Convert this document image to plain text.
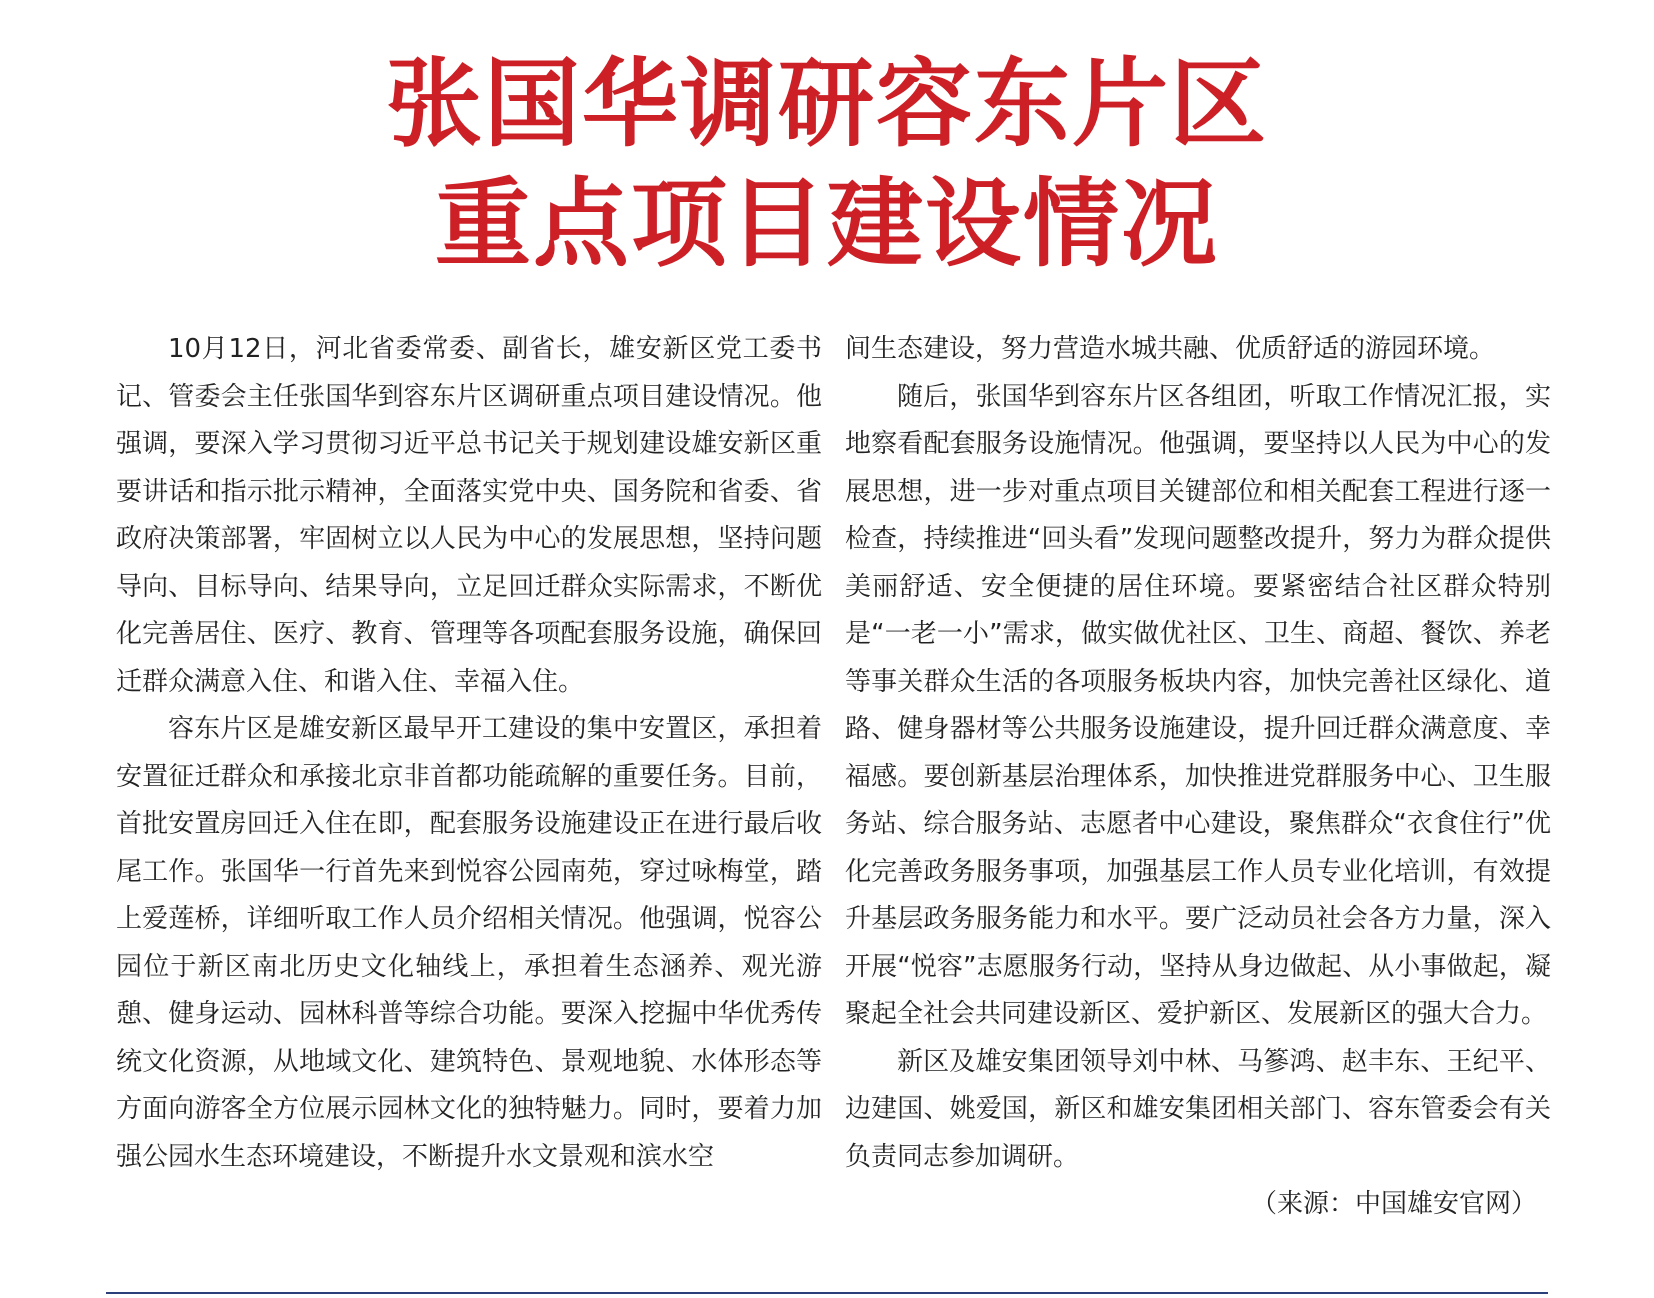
张国华调研容东片区
重点项目建设情况

10月12日，河北省委常委、副省长，雄安新区党工委书记、管委会主任张国华到容东片区调研重点项目建设情况。他强调，要深入学习贯彻习近平总书记关于规划建设雄安新区重要讲话和指示批示精神，全面落实党中央、国务院和省委、省政府决策部署，牢固树立以人民为中心的发展思想，坚持问题导向、目标导向、结果导向，立足回迁群众实际需求，不断优化完善居住、医疗、教育、管理等各项配套服务设施，确保回迁群众满意入住、和谐入住、幸福入住。

容东片区是雄安新区最早开工建设的集中安置区，承担着安置征迁群众和承接北京非首都功能疏解的重要任务。目前，首批安置房回迁入住在即，配套服务设施建设正在进行最后收尾工作。张国华一行首先来到悦容公园南苑，穿过咏梅堂，踏上爱莲桥，详细听取工作人员介绍相关情况。他强调，悦容公园位于新区南北历史文化轴线上，承担着生态涵养、观光游憩、健身运动、园林科普等综合功能。要深入挖掘中华优秀传统文化资源，从地域文化、建筑特色、景观地貌、水体形态等方面向游客全方位展示园林文化的独特魅力。同时，要着力加强公园水生态环境建设，不断提升水文景观和滨水空

间生态建设，努力营造水城共融、优质舒适的游园环境。

随后，张国华到容东片区各组团，听取工作情况汇报，实地察看配套服务设施情况。他强调，要坚持以人民为中心的发展思想，进一步对重点项目关键部位和相关配套工程进行逐一检查，持续推进“回头看”发现问题整改提升，努力为群众提供美丽舒适、安全便捷的居住环境。要紧密结合社区群众特别是“一老一小”需求，做实做优社区、卫生、商超、餐饮、养老等事关群众生活的各项服务板块内容，加快完善社区绿化、道路、健身器材等公共服务设施建设，提升回迁群众满意度、幸福感。要创新基层治理体系，加快推进党群服务中心、卫生服务站、综合服务站、志愿者中心建设，聚焦群众“衣食住行”优化完善政务服务事项，加强基层工作人员专业化培训，有效提升基层政务服务能力和水平。要广泛动员社会各方力量，深入开展“悦容”志愿服务行动，坚持从身边做起、从小事做起，凝聚起全社会共同建设新区、爱护新区、发展新区的强大合力。

新区及雄安集团领导刘中林、马篸鸿、赵丰东、王纪平、边建国、姚爱国，新区和雄安集团相关部门、容东管委会有关负责同志参加调研。

（来源：中国雄安官网）
